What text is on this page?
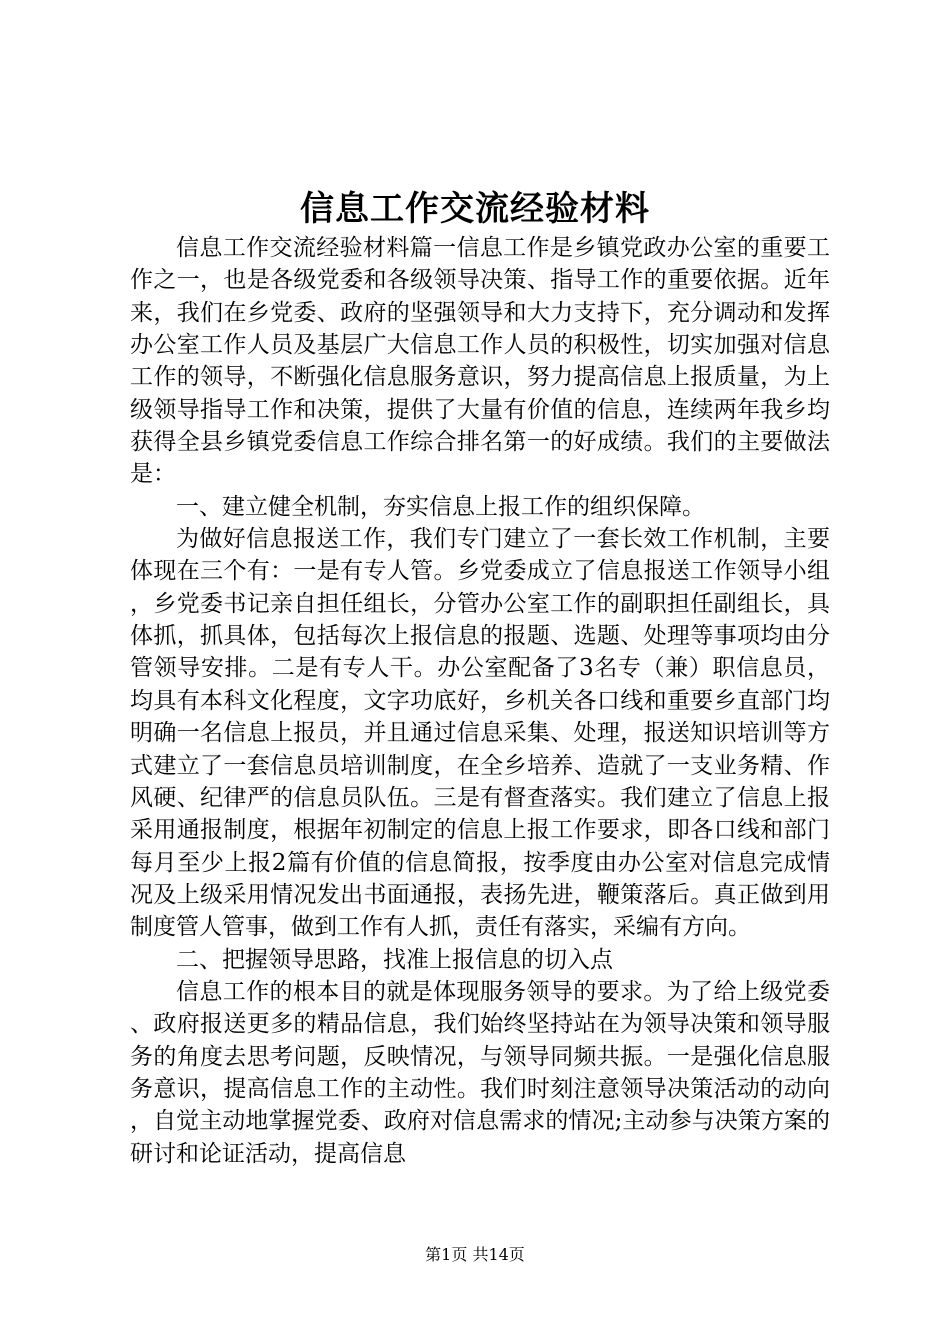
信息工作交流经验材料

信息工作交流经验材料篇一信息工作是乡镇党政办公室的重要工作之一，也是各级党委和各级领导决策、指导工作的重要依据。近年来，我们在乡党委、政府的坚强领导和大力支持下，充分调动和发挥办公室工作人员及基层广大信息工作人员的积极性，切实加强对信息工作的领导，不断强化信息服务意识，努力提高信息上报质量，为上级领导指导工作和决策，提供了大量有价值的信息，连续两年我乡均获得全县乡镇党委信息工作综合排名第一的好成绩。我们的主要做法是：

一、建立健全机制，夯实信息上报工作的组织保障。

为做好信息报送工作，我们专门建立了一套长效工作机制，主要体现在三个有：一是有专人管。乡党委成立了信息报送工作领导小组，乡党委书记亲自担任组长，分管办公室工作的副职担任副组长，具体抓，抓具体，包括每次上报信息的报题、选题、处理等事项均由分管领导安排。二是有专人干。办公室配备了3名专（兼）职信息员，均具有本科文化程度，文字功底好，乡机关各口线和重要乡直部门均明确一名信息上报员，并且通过信息采集、处理，报送知识培训等方式建立了一套信息员培训制度，在全乡培养、造就了一支业务精、作风硬、纪律严的信息员队伍。三是有督查落实。我们建立了信息上报采用通报制度，根据年初制定的信息上报工作要求，即各口线和部门每月至少上报2篇有价值的信息简报，按季度由办公室对信息完成情况及上级采用情况发出书面通报，表扬先进，鞭策落后。真正做到用制度管人管事，做到工作有人抓，责任有落实，采编有方向。

二、把握领导思路，找准上报信息的切入点

信息工作的根本目的就是体现服务领导的要求。为了给上级党委、政府报送更多的精品信息，我们始终坚持站在为领导决策和领导服务的角度去思考问题，反映情况，与领导同频共振。一是强化信息服务意识，提高信息工作的主动性。我们时刻注意领导决策活动的动向，自觉主动地掌握党委、政府对信息需求的情况;主动参与决策方案的研讨和论证活动，提高信息

第1页 共14页
